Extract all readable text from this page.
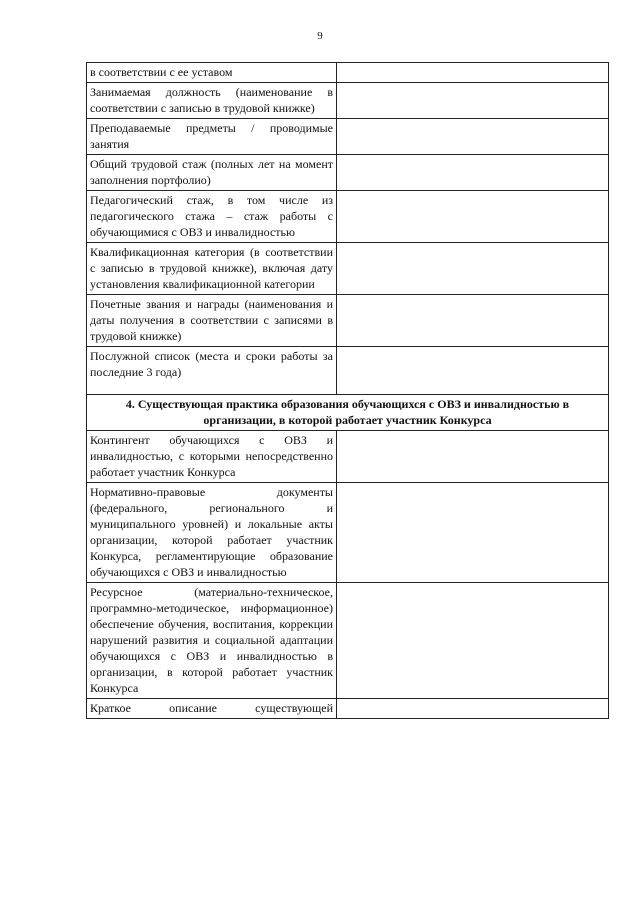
9
в соответствии с ее уставом	
Занимаемая должность (наименование в соответствии с записью в трудовой книжке)	
Преподаваемые предметы / проводимые занятия	
Общий трудовой стаж (полных лет на момент заполнения портфолио)	
Педагогический стаж, в том числе из педагогического стажа – стаж работы с обучающимися с ОВЗ и инвалидностью	
Квалификационная категория (в соответствии с записью в трудовой книжке), включая дату установления квалификационной категории	
Почетные звания и награды (наименования и даты получения в соответствии с записями в трудовой книжке)	
Послужной список (места и сроки работы за последние 3 года)	
4. Существующая практика образования обучающихся с ОВЗ и инвалидностью в организации, в которой работает участник Конкурса	
Контингент обучающихся с ОВЗ и инвалидностью, с которыми непосредственно работает участник Конкурса	
Нормативно-правовые документы (федерального, регионального и муниципального уровней) и локальные акты организации, которой работает участник Конкурса, регламентирующие образование обучающихся с ОВЗ и инвалидностью	
Ресурсное (материально-техническое, программно-методическое, информационное) обеспечение обучения, воспитания, коррекции нарушений развития и социальной адаптации обучающихся с ОВЗ и инвалидностью в организации, в которой работает участник Конкурса	
Краткое описание существующей	
